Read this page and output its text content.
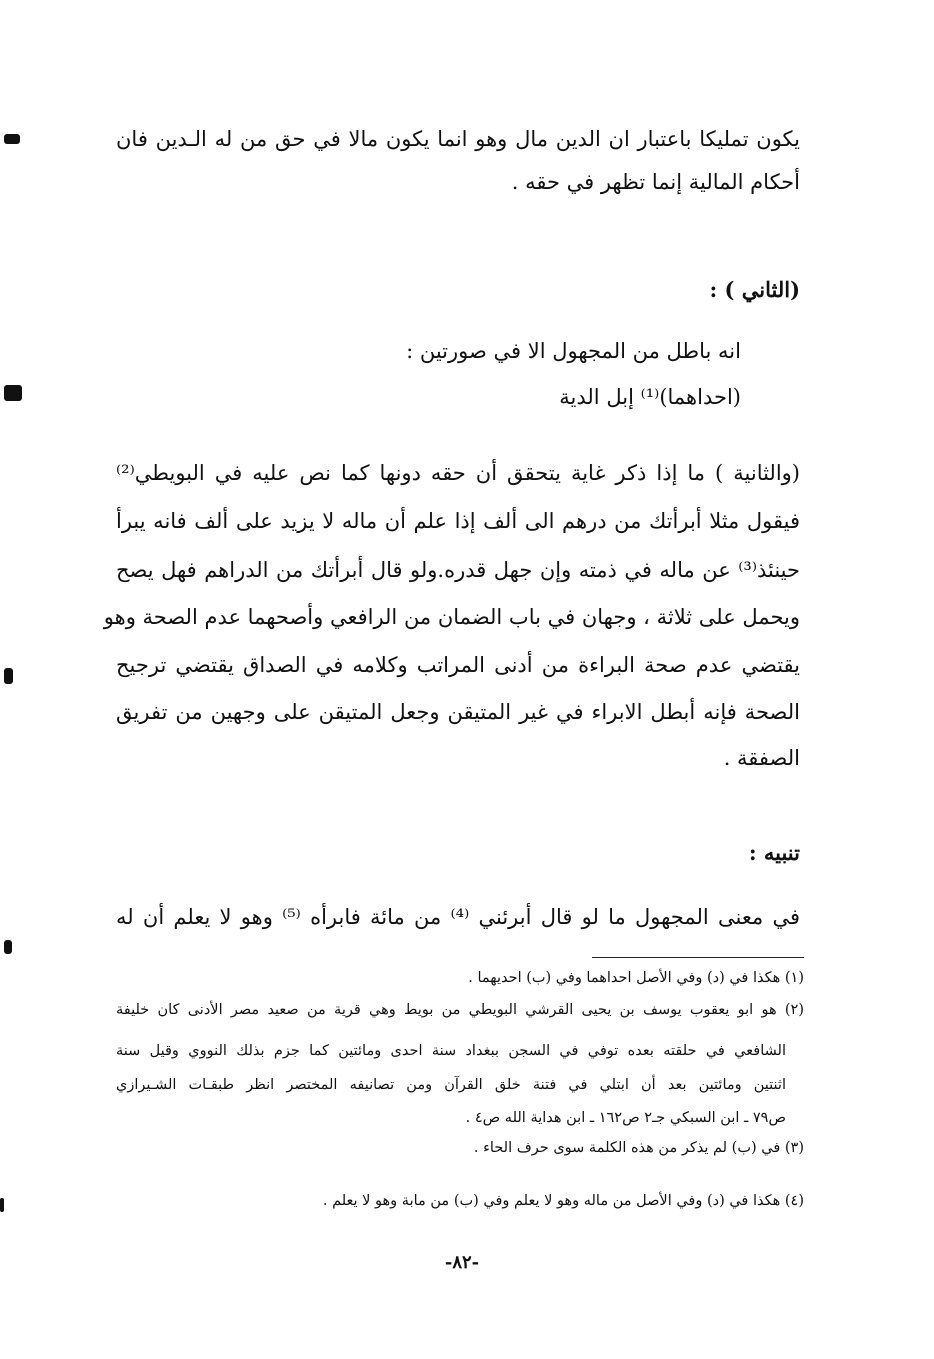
يكون تمليكا باعتبار ان الدين مال وهو انما يكون مالا في حق من له الـدين فان
أحكام المالية إنما تظهر في حقه .
(الثاني ) :
انه باطل من المجهول الا في صورتين :
(احداهما)⁽¹⁾ إبل الدية
(والثانية ) ما إذا ذكر غاية يتحقق أن حقه دونها كما نص عليه في البويطي⁽²⁾
فيقول مثلا أبرأتك من درهم الى ألف إذا علم أن ماله لا يزيد على ألف فانه يبرأ
حينئذ⁽³⁾ عن ماله في ذمته وإن جهل قدره.ولو قال أبرأتك من الدراهم فهل يصح
ويحمل على ثلاثة ، وجهان في باب الضمان من الرافعي وأصحهما عدم الصحة وهو
يقتضي عدم صحة البراءة من أدنى المراتب وكلامه في الصداق يقتضي ترجيح
الصحة فإنه أبطل الابراء في غير المتيقن وجعل المتيقن على وجهين من تفريق
الصفقة .
تنبيه :
في معنى المجهول ما لو قال أبرئني ⁽⁴⁾ من مائة فابرأه ⁽⁵⁾ وهو لا يعلم أن له
(١) هكذا في (د) وفي الأصل احداهما وفي (ب) احديهما .
(٢) هو ابو يعقوب يوسف بن يحيى القرشي البويطي من بويط وهي قرية من صعيد مصر الأدنى كان خليفة
الشافعي في حلقته بعده توفي في السجن ببغداد سنة احدى ومائتين كما جزم بذلك النووي وقيل سنة
اثنتين ومائتين بعد أن ابتلي في فتنة خلق القرآن ومن تصانيفه المختصر انظر طبقـات الشـيرازي
ص٧٩ ـ ابن السبكي جـ٢ ص١٦٢ ـ ابن هداية الله ص٤ .
(٣) في (ب) لم يذكر من هذه الكلمة سوى حرف الحاء .
(٤) هكذا في (د) وفي الأصل من ماله وهو لا يعلم وفي (ب) من مابة وهو لا يعلم .
-٨٢-
